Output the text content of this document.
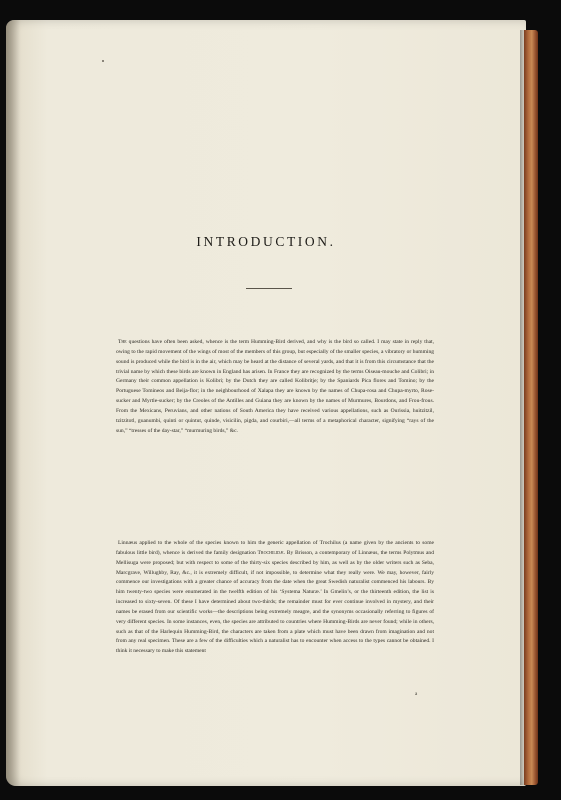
INTRODUCTION.
The questions have often been asked, whence is the term Humming-Bird derived, and why is the bird so called. I may state in reply that, owing to the rapid movement of the wings of most of the members of this group, but especially of the smaller species, a vibratory or humming sound is produced while the bird is in the air, which may be heard at the distance of several yards, and that it is from this circumstance that the trivial name by which these birds are known in England has arisen. In France they are recognized by the terms Oiseau-mouche and Colibri; in Germany their common appellation is Kolibri; by the Dutch they are called Kolibritje; by the Spaniards Pica flores and Tomino; by the Portuguese Tomineos and Beija-flor; in the neighbourhood of Xalapa they are known by the names of Chupa-rosa and Chupa-myrto, Rose-sucker and Myrtle-sucker; by the Creoles of the Antilles and Guiana they are known by the names of Murmures, Bourdons, and Frou-frous. From the Mexicans, Peruvians, and other nations of South America they have received various appellations, such as Ourissia, huitzitzil, tzitzitotl, guanumbi, quinti or quintut, quinde, visicilin, pigda, and courbiri,—all terms of a metaphorical character, signifying “rays of the sun,” “tresses of the day-star,” “murmuring birds,” &c.
Linnæus applied to the whole of the species known to him the generic appellation of Trochilus (a name given by the ancients to some fabulous little bird), whence is derived the family designation Trochilidæ. By Brisson, a contemporary of Linnæus, the terms Polytmus and Mellisuga were proposed; but with respect to some of the thirty-six species described by him, as well as by the older writers such as Seba, Marcgrave, Willughby, Ray, &c., it is extremely difficult, if not impossible, to determine what they really were. We may, however, fairly commence our investigations with a greater chance of accuracy from the date when the great Swedish naturalist commenced his labours. By him twenty-two species were enumerated in the twelfth edition of his ‘Systema Naturæ.’ In Gmelin’s, or the thirteenth edition, the list is increased to sixty-seven. Of these I have determined about two-thirds; the remainder must for ever continue involved in mystery, and their names be erased from our scientific works—the descriptions being extremely meagre, and the synonyms occasionally referring to figures of very different species. In some instances, even, the species are attributed to countries where Humming-Birds are never found; while in others, such as that of the Harlequin Humming-Bird, the characters are taken from a plate which must have been drawn from imagination and not from any real specimen. These are a few of the difficulties which a naturalist has to encounter when access to the types cannot be obtained. I think it necessary to make this statement
a
